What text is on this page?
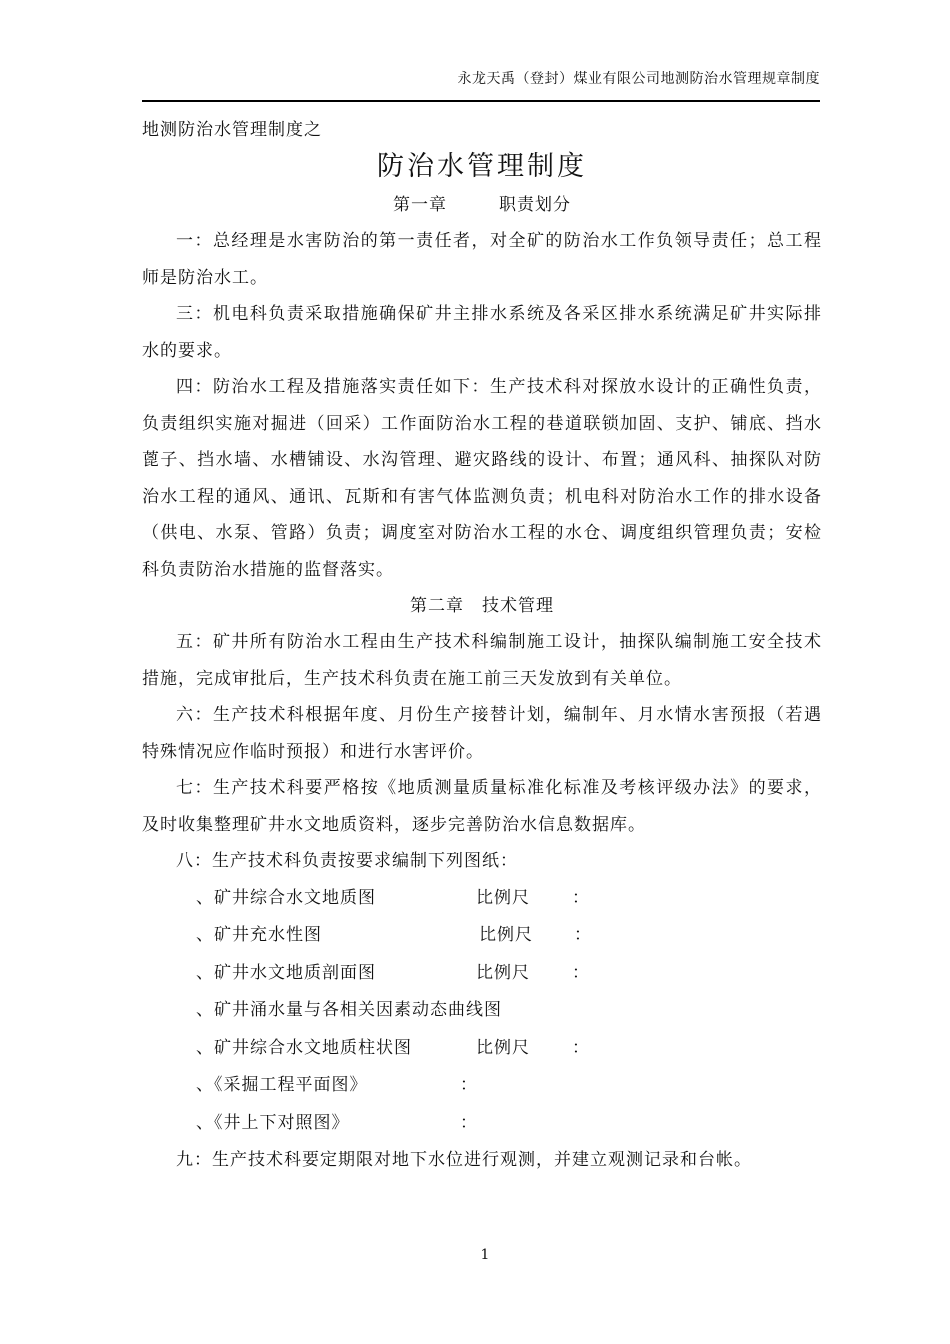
永龙天禹（登封）煤业有限公司地测防治水管理规章制度
地测防治水管理制度之
防治水管理制度
第一章	职责划分

一：总经理是水害防治的第一责任者，对全矿的防治水工作负领导责任；总工程师是防治水工。

三：机电科负责采取措施确保矿井主排水系统及各采区排水系统满足矿井实际排水的要求。

四：防治水工程及措施落实责任如下：生产技术科对探放水设计的正确性负责，负责组织实施对掘进（回采）工作面防治水工程的巷道联锁加固、支护、铺底、挡水蓖子、挡水墙、水槽铺设、水沟管理、避灾路线的设计、布置；通风科、抽探队对防治水工程的通风、通讯、瓦斯和有害气体监测负责；机电科对防治水工作的排水设备（供电、水泵、管路）负责；调度室对防治水工程的水仓、调度组织管理负责；安检科负责防治水措施的监督落实。

第二章 技术管理

五：矿井所有防治水工程由生产技术科编制施工设计，抽探队编制施工安全技术措施，完成审批后，生产技术科负责在施工前三天发放到有关单位。

六：生产技术科根据年度、月份生产接替计划，编制年、月水情水害预报（若遇特殊情况应作临时预报）和进行水害评价。

七：生产技术科要严格按《地质测量质量标准化标准及考核评级办法》的要求，及时收集整理矿井水文地质资料，逐步完善防治水信息数据库。

八：生产技术科负责按要求编制下列图纸：

、矿井综合水文地质图	比例尺 ：
、矿井充水性图	比例尺 ：
、矿井水文地质剖面图	比例尺 ：
、矿井涌水量与各相关因素动态曲线图
、矿井综合水文地质柱状图	比例尺 ：
、《采掘工程平面图》	：
、《井上下对照图》	：

九：生产技术科要定期限对地下水位进行观测，并建立观测记录和台帐。

1
